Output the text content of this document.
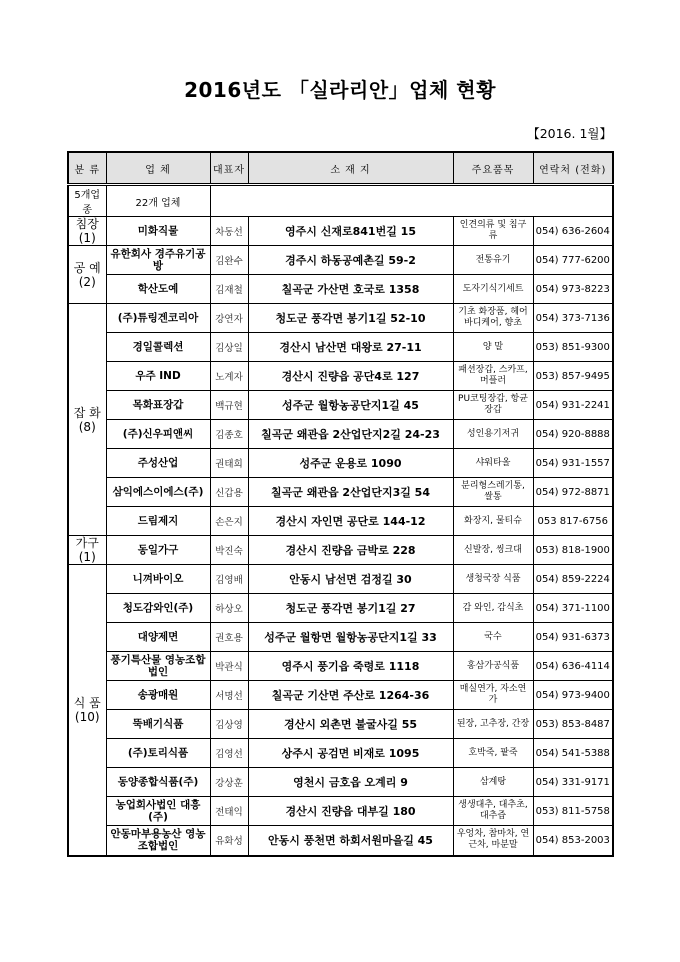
2016년도 「실라리안」업체 현황
【2016. 1월】
분 류	업 체	대표자	소 재 지	주요품목	연락처 (전화)
5개업종	22개 업체				

침장
(1)	미화직물	차동선	영주시 신재로841번길 15	인견의류 및 침구류	054) 636-2604

공 예
(2)	유한회사 경주유기공방	김완수	경주시 하동공예촌길 59-2	전통유기	054) 777-6200
	학산도예	김재철	칠곡군 가산면 호국로 1358	도자기식기세트	054) 973-8223

잡 화
(8)	(주)튜링겐코리아	강연자	청도군 풍각면 봉기1길 52-10	기초 화장품, 헤어바디케어, 향초	054) 373-7136
	경일콜렉션	김상일	경산시 남산면 대왕로 27-11	양 말	053) 851-9300
	우주 IND	노계자	경산시 진량읍 공단4로 127	패션장갑, 스카프, 머플러	053) 857-9495
	목화표장갑	백규현	성주군 월항농공단지1길 45	PU코팅장갑, 항균장갑	054) 931-2241
	(주)신우피앤씨	김종호	칠곡군 왜관읍 2산업단지2길 24-23	성인용기저귀	054) 920-8888
	주성산업	권태희	성주군 운용로 1090	샤워타올	054) 931-1557
	삼익에스이에스(주)	신갑용	칠곡군 왜관읍 2산업단지3길 54	분리형스레기통, 쌀통	054) 972-8871
	드림제지	손은지	경산시 자인면 공단로 144-12	화장지, 물티슈	053 817-6756

가구
(1)	동일가구	박진숙	경산시 진량읍 금박로 228	신발장, 씽크대	053) 818-1900

식 품
(10)	니껴바이오	김영배	안동시 남선면 검정길 30	생청국장 식품	054) 859-2224
	청도감와인(주)	하상오	청도군 풍각면 봉기1길 27	감 와인, 감식초	054) 371-1100
	대양제면	권호용	성주군 월항면 월항농공단지1길 33	국수	054) 931-6373
	풍기특산물 영농조합법인	박관식	영주시 풍기읍 죽령로 1118	홍삼가공식품	054) 636-4114
	송광매원	서명선	칠곡군 기산면 주산로 1264-36	매실연가, 자소연가	054) 973-9400
	뚝배기식품	김상영	경산시 외촌면 불굴사길 55	된장, 고추장, 간장	053) 853-8487
	(주)토리식품	김영선	상주시 공검면 비재로 1095	호박죽, 팥죽	054) 541-5388
	동양종합식품(주)	강상훈	영천시 금호읍 오계리 9	삼계탕	054) 331-9171
	농업회사법인 대흥(주)	전태익	경산시 진량읍 대부길 180	생생대추, 대추초, 대추즙	053) 811-5758
	안동마부용농산 영농조합법인	유화성	안동시 풍천면 하회서원마을길 45	우엉차, 참마차, 연근차, 마분말	054) 853-2003
